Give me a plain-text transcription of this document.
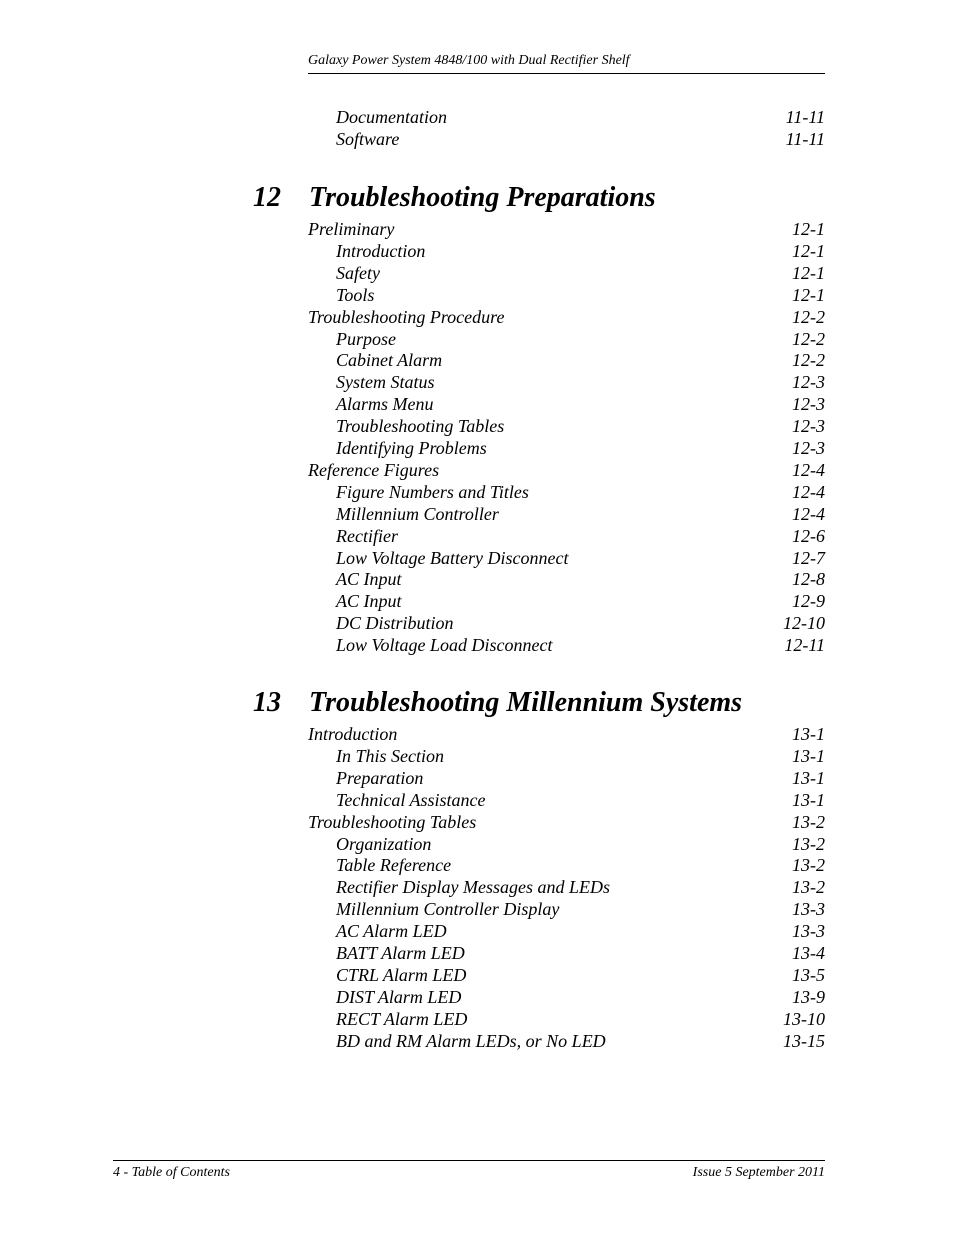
Galaxy Power System 4848/100 with Dual Rectifier Shelf
Documentation	11-11
Software	11-11
12 Troubleshooting Preparations
Preliminary	12-1
Introduction	12-1
Safety	12-1
Tools	12-1
Troubleshooting Procedure	12-2
Purpose	12-2
Cabinet Alarm	12-2
System Status	12-3
Alarms Menu	12-3
Troubleshooting Tables	12-3
Identifying Problems	12-3
Reference Figures	12-4
Figure Numbers and Titles	12-4
Millennium Controller	12-4
Rectifier	12-6
Low Voltage Battery Disconnect	12-7
AC Input	12-8
AC Input	12-9
DC Distribution	12-10
Low Voltage Load Disconnect	12-11
13 Troubleshooting Millennium Systems
Introduction	13-1
In This Section	13-1
Preparation	13-1
Technical Assistance	13-1
Troubleshooting Tables	13-2
Organization	13-2
Table Reference	13-2
Rectifier Display Messages and LEDs	13-2
Millennium Controller Display	13-3
AC Alarm LED	13-3
BATT Alarm LED	13-4
CTRL Alarm LED	13-5
DIST Alarm LED	13-9
RECT Alarm LED	13-10
BD and RM Alarm LEDs, or No LED	13-15
4 - Table of Contents	Issue 5 September 2011
